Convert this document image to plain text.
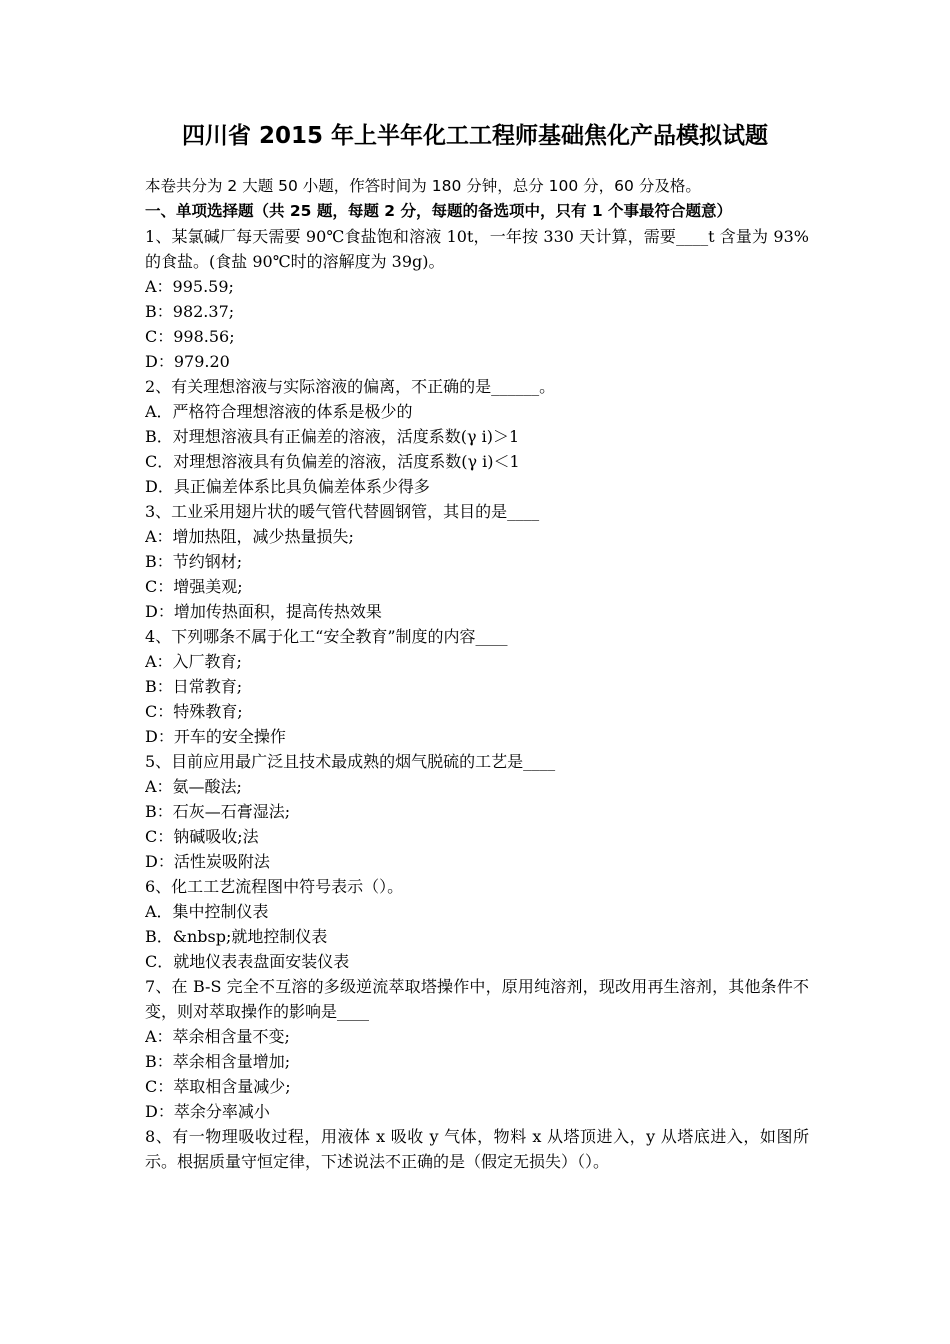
四川省 2015 年上半年化工工程师基础焦化产品模拟试题
本卷共分为 2 大题 50 小题，作答时间为 180 分钟，总分 100 分，60 分及格。
一、单项选择题（共 25 题，每题 2 分，每题的备选项中，只有 1 个事最符合题意）
1、某氯碱厂每天需要 90℃食盐饱和溶液 10t，一年按 330 天计算，需要____t 含量为 93%的食盐。(食盐 90℃时的溶解度为 39g)。
A：995.59;
B：982.37;
C：998.56;
D：979.20
2、有关理想溶液与实际溶液的偏离，不正确的是______。
A．严格符合理想溶液的体系是极少的
B．对理想溶液具有正偏差的溶液，活度系数(γ i)＞1
C．对理想溶液具有负偏差的溶液，活度系数(γ i)＜1
D．具正偏差体系比具负偏差体系少得多
3、工业采用翅片状的暖气管代替圆钢管，其目的是____
A：增加热阻，减少热量损失;
B：节约钢材;
C：增强美观;
D：增加传热面积，提高传热效果
4、下列哪条不属于化工“安全教育”制度的内容____
A：入厂教育;
B：日常教育;
C：特殊教育;
D：开车的安全操作
5、目前应用最广泛且技术最成熟的烟气脱硫的工艺是____
A：氨—酸法;
B：石灰—石膏湿法;
C：钠碱吸收;法
D：活性炭吸附法
6、化工工艺流程图中符号表示（）。
A．集中控制仪表
B．&nbsp;就地控制仪表
C．就地仪表表盘面安装仪表
7、在 B-S 完全不互溶的多级逆流萃取塔操作中，原用纯溶剂，现改用再生溶剂，其他条件不变，则对萃取操作的影响是____
A：萃余相含量不变;
B：萃余相含量增加;
C：萃取相含量减少;
D：萃余分率减小
8、有一物理吸收过程，用液体 x 吸收 y 气体，物料 x 从塔顶进入，y 从塔底进入，如图所示。根据质量守恒定律，下述说法不正确的是（假定无损失）（）。
